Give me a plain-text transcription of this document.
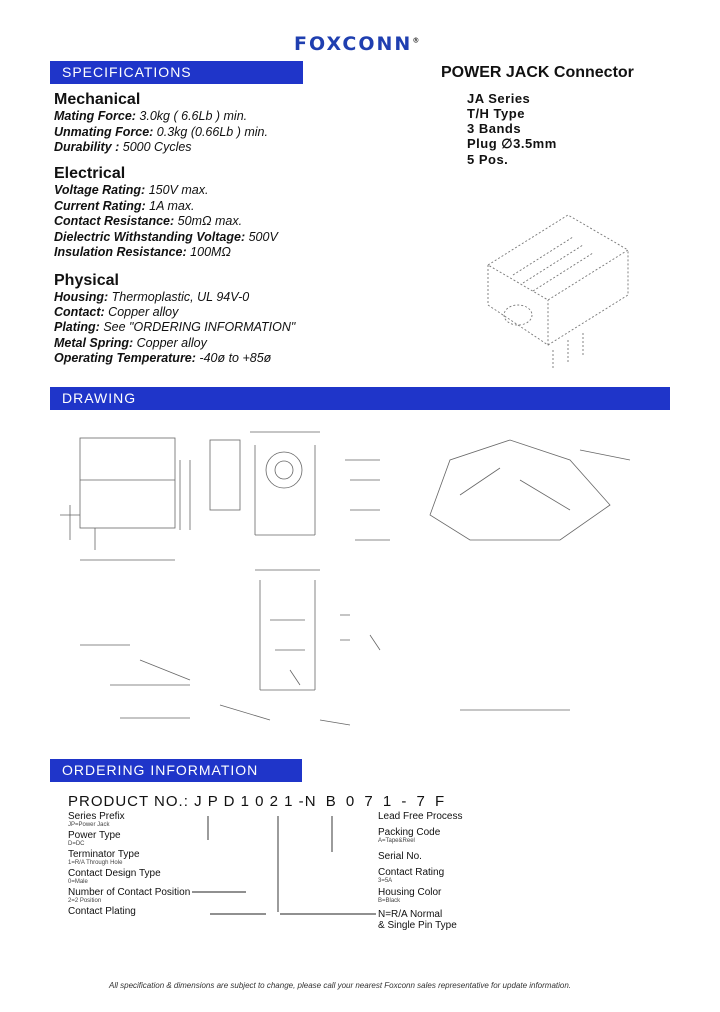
FOXCONN®
SPECIFICATIONS	POWER JACK Connector
JA Series
T/H Type
3 Bands
Plug ∅3.5mm
5 Pos.
Mechanical
Mating Force: 3.0kg ( 6.6Lb ) min.
Unmating Force: 0.3kg (0.66Lb ) min.
Durability : 5000 Cycles
Electrical
Voltage Rating: 150V max.
Current Rating: 1A max.
Contact Resistance: 50mΩ max.
Dielectric Withstanding Voltage: 500V
Insulation Resistance: 100MΩ
Physical
Housing: Thermoplastic, UL 94V-0
Contact: Copper alloy
Plating: See "ORDERING INFORMATION"
Metal Spring: Copper alloy
Operating Temperature: -40ø to +85ø
DRAWING
ORDERING INFORMATION
PRODUCT NO.: J P D 1 0 2 1 -N B 0 7 1 - 7 F
Series Prefix
JP=Power Jack
Power Type
D=DC
Terminator Type
1=R/A Through Hole
Contact Design Type
0=Male
Number of Contact Position
2=2 Position
Contact Plating
Lead Free Process
Packing Code
A=Tape&Reel
Serial No.
Contact Rating
3=5A
Housing Color
B=Black
N=R/A Normal
& Single Pin Type
All specification & dimensions are subject to change, please call your nearest Foxconn sales representative for update information.
